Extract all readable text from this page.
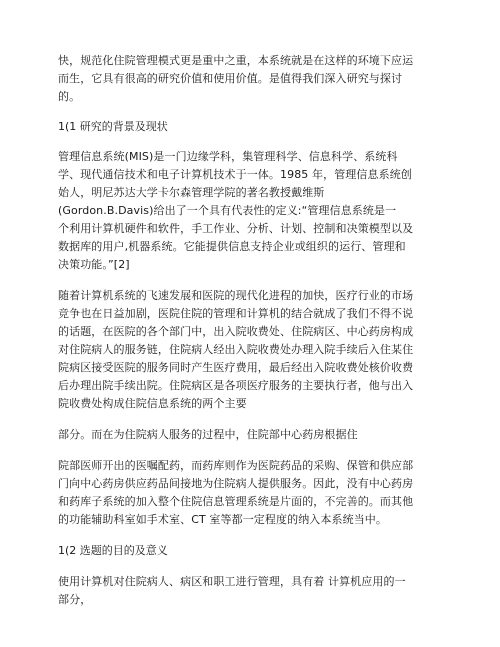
快，规范化住院管理模式更是重中之重，本系统就是在这样的环境下应运
而生，它具有很高的研究价值和使用价值。是值得我们深入研究与探讨
的。

1(1 研究的背景及现状

管理信息系统(MIS)是一门边缘学科，集管理科学、信息科学、系统科
学、现代通信技术和电子计算机技术于一体。1985 年，管理信息系统创
始人，明尼苏达大学卡尔森管理学院的著名教授戴维斯
(Gordon.B.Davis)给出了一个具有代表性的定义:“管理信息系统是一
个利用计算机硬件和软件，手工作业、分析、计划、控制和决策模型以及
数据库的用户,机器系统。它能提供信息支持企业或组织的运行、管理和
决策功能。”[2]

随着计算机系统的飞速发展和医院的现代化进程的加快，医疗行业的市场
竞争也在日益加剧，医院住院的管理和计算机的结合就成了我们不得不说
的话题，在医院的各个部门中，出入院收费处、住院病区、中心药房构成
对住院病人的服务链，住院病人经出入院收费处办理入院手续后入住某住
院病区接受医院的服务同时产生医疗费用，最后经出入院收费处核价收费
后办理出院手续出院。住院病区是各项医疗服务的主要执行者，他与出入
院收费处构成住院信息系统的两个主要

部分。而在为住院病人服务的过程中，住院部中心药房根据住

院部医师开出的医嘱配药，而药库则作为医院药品的采购、保管和供应部
门向中心药房供应药品间接地为住院病人提供服务。因此，没有中心药房
和药库子系统的加入整个住院信息管理系统是片面的，不完善的。而其他
的功能辅助科室如手术室、CT 室等都一定程度的纳入本系统当中。

1(2 选题的目的及意义

使用计算机对住院病人、病区和职工进行管理，具有着 计算机应用的一
部分，
